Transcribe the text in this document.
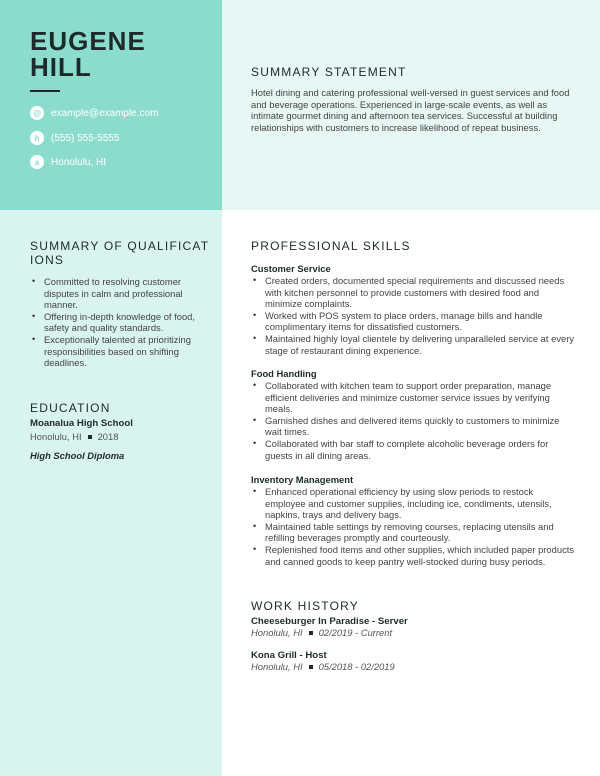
EUGENE
HILL
@	example@example.com
h	(555) 555-5555
a	Honolulu, HI
SUMMARY STATEMENT
Hotel dining and catering professional well-versed in guest services and food and beverage operations. Experienced in large-scale events, as well as intimate gourmet dining and afternoon tea services. Successful at building relationships with customers to increase likelihood of repeat business.
SUMMARY OF QUALIFICAT
IONS
• Committed to resolving customer disputes in calm and professional manner.
• Offering in-depth knowledge of food, safety and quality standards.
• Exceptionally talented at prioritizing responsibilities based on shifting deadlines.
EDUCATION
Moanalua High School
Honolulu, HI 2018
High School Diploma
PROFESSIONAL SKILLS
Customer Service
• Created orders, documented special requirements and discussed needs with kitchen personnel to provide customers with desired food and minimize complaints.
• Worked with POS system to place orders, manage bills and handle complimentary items for dissatisfied customers.
• Maintained highly loyal clientele by delivering unparalleled service at every stage of restaurant dining experience.
Food Handling
• Collaborated with kitchen team to support order preparation, manage efficient deliveries and minimize customer service issues by verifying meals.
• Garnished dishes and delivered items quickly to customers to minimize wait times.
• Collaborated with bar staff to complete alcoholic beverage orders for guests in all dining areas.
Inventory Management
• Enhanced operational efficiency by using slow periods to restock employee and customer supplies, including ice, condiments, utensils, napkins, trays and delivery bags.
• Maintained table settings by removing courses, replacing utensils and refilling beverages promptly and courteously.
• Replenished food items and other supplies, which included paper products and canned goods to keep pantry well-stocked during busy periods.
WORK HISTORY
Cheeseburger In Paradise - Server
Honolulu, HI 02/2019 - Current
Kona Grill - Host
Honolulu, HI 05/2018 - 02/2019
